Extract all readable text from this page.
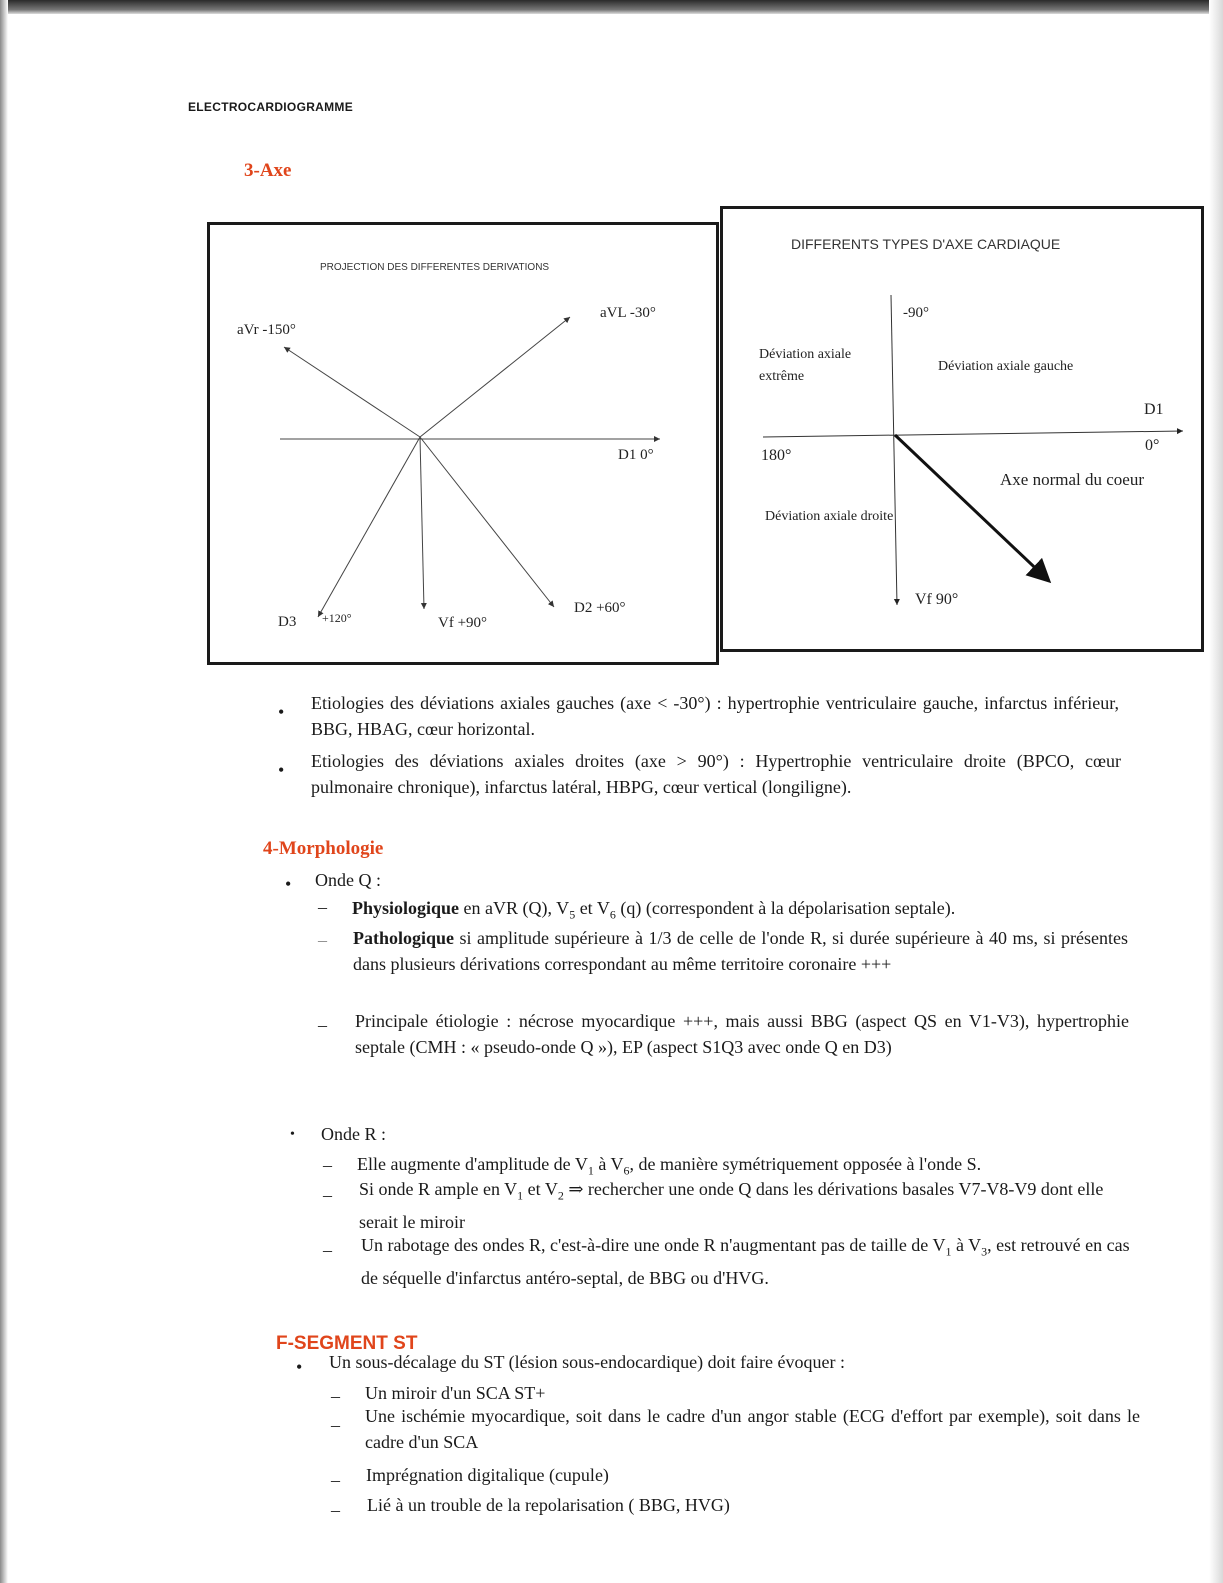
ELECTROCARDIOGRAMME
3-Axe
PROJECTION DES DIFFERENTES DERIVATIONS
aVr -150°
aVL -30°
D1 0°
D3 +120°	Vf +90°
D2 +60°
DIFFERENTS TYPES D'AXE CARDIAQUE
-90°
Déviation axiale extrême
Déviation axiale gauche
D1
0°
180°
Axe normal du coeur
Déviation axiale droite
Vf 90°
• Etiologies des déviations axiales gauches (axe < -30°) : hypertrophie ventriculaire gauche, infarctus inférieur, BBG, HBAG, cœur horizontal.
• Etiologies des déviations axiales droites (axe > 90°) : Hypertrophie ventriculaire droite (BPCO, cœur pulmonaire chronique), infarctus latéral, HBPG, cœur vertical (longiligne).
4-Morphologie
• Onde Q :
– Physiologique en aVR (Q), $V_5$ et $V_6$ (q) (correspondent à la dépolarisation septale).
– Pathologique si amplitude supérieure à 1/3 de celle de l'onde R, si durée supérieure à 40 ms, si présentes dans plusieurs dérivations correspondant au même territoire coronaire +++
– Principale étiologie : nécrose myocardique +++, mais aussi BBG (aspect QS en V1-V3), hypertrophie septale (CMH : « pseudo-onde Q »), EP (aspect S1Q3 avec onde Q en D3)
• Onde R :
– Elle augmente d'amplitude de $V_1$ à $V_6$, de manière symétriquement opposée à l'onde S.
– Si onde R ample en $V_1$ et $V_2$ ⇒ rechercher une onde Q dans les dérivations basales V7-V8-V9 dont elle serait le miroir
– Un rabotage des ondes R, c'est-à-dire une onde R n'augmentant pas de taille de $V_1$ à $V_3$, est retrouvé en cas de séquelle d'infarctus antéro-septal, de BBG ou d'HVG.
F-SEGMENT ST
• Un sous-décalage du ST (lésion sous-endocardique) doit faire évoquer :
– Un miroir d'un SCA ST+
– Une ischémie myocardique, soit dans le cadre d'un angor stable (ECG d'effort par exemple), soit dans le cadre d'un SCA
– Imprégnation digitalique (cupule)
– Lié à un trouble de la repolarisation ( BBG, HVG)
